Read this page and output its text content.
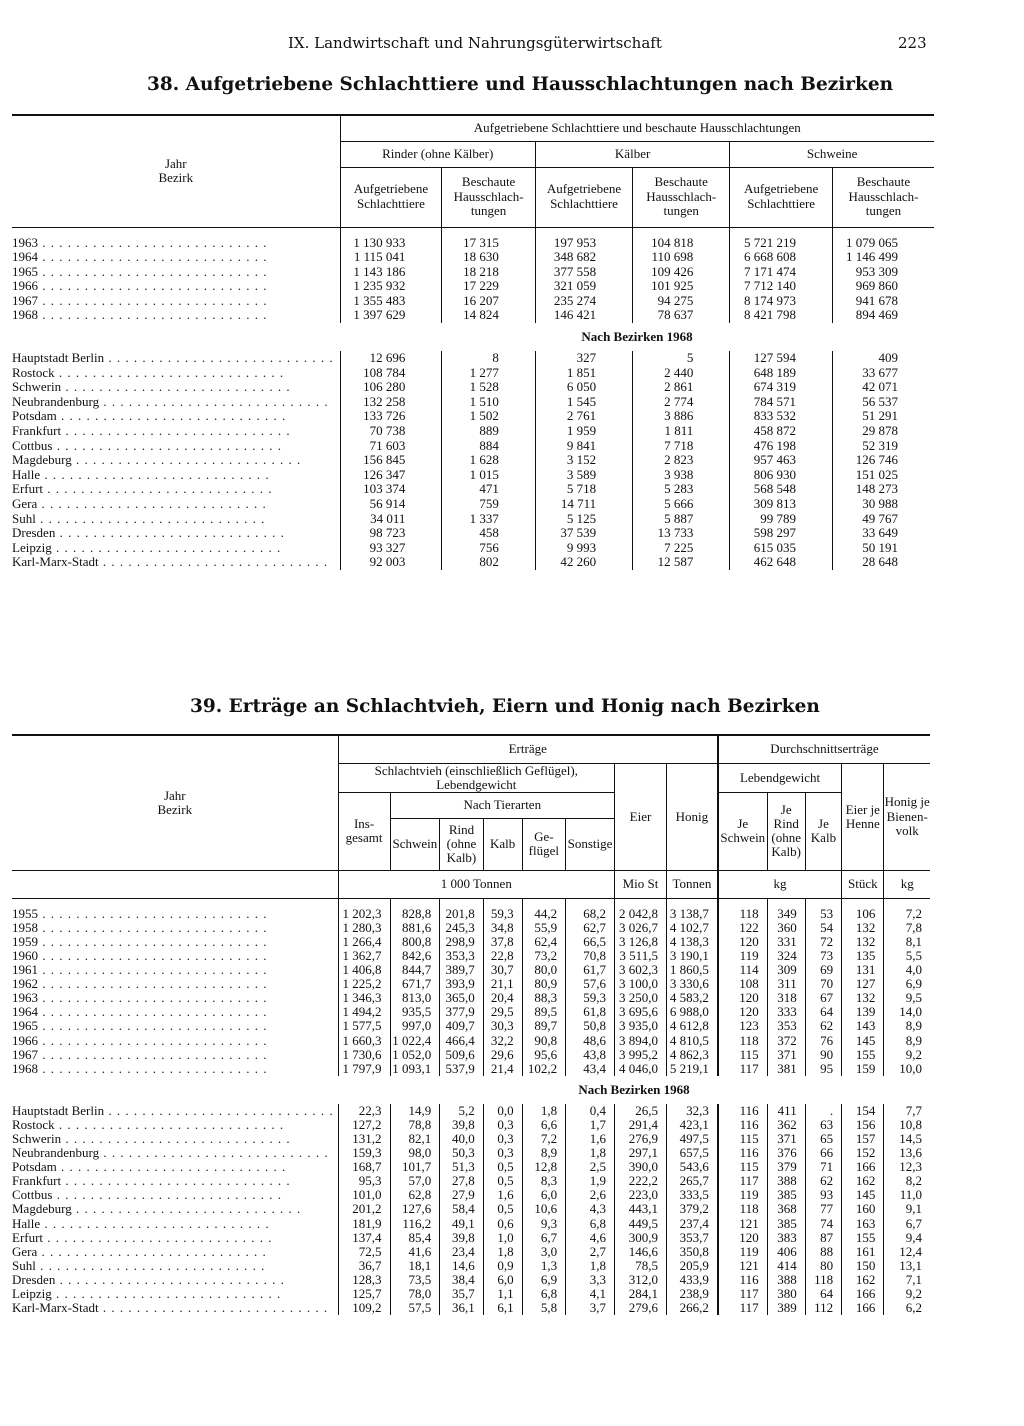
IX. Landwirtschaft und Nahrungsgüterwirtschaft	223
38. Aufgetriebene Schlachttiere und Hausschlachtungen nach Bezirken
Jahr
Bezirk	Aufgetriebene Schlachttiere und beschaute Hausschlachtungen					
	Rinder (ohne Kälber)		Kälber		Schweine	
	Aufgetriebene Schlachttiere	Beschaute Hausschlach-tungen	Aufgetriebene Schlachttiere	Beschaute Hausschlach-tungen	Aufgetriebene Schlachttiere	Beschaute Hausschlach-tungen

1963 . . .	1 130 933	17 315	197 953	104 818	5 721 219	1 079 065
1964 . . .	1 115 041	18 630	348 682	110 698	6 668 608	1 146 499
1965 . . .	1 143 186	18 218	377 558	109 426	7 171 474	953 309
1966 . . .	1 235 932	17 229	321 059	101 925	7 712 140	969 860
1967 . . .	1 355 483	16 207	235 274	94 275	8 174 973	941 678
1968 . . .	1 397 629	14 824	146 421	78 637	8 421 798	894 469
	Nach Bezirken 1968					
Hauptstadt Berlin . . .	12 696	8	327	5	127 594	409
Rostock . . .	108 784	1 277	1 851	2 440	648 189	33 677
Schwerin . . .	106 280	1 528	6 050	2 861	674 319	42 071
Neubrandenburg . . .	132 258	1 510	1 545	2 774	784 571	56 537
Potsdam . . .	133 726	1 502	2 761	3 886	833 532	51 291
Frankfurt . . .	70 738	889	1 959	1 811	458 872	29 878
Cottbus . . .	71 603	884	9 841	7 718	476 198	52 319
Magdeburg . . .	156 845	1 628	3 152	2 823	957 463	126 746
Halle . . .	126 347	1 015	3 589	3 938	806 930	151 025
Erfurt . . .	103 374	471	5 718	5 283	568 548	148 273
Gera . . .	56 914	759	14 711	5 666	309 813	30 988
Suhl . . .	34 011	1 337	5 125	5 887	99 789	49 767
Dresden . . .	98 723	458	37 539	13 733	598 297	33 649
Leipzig . . .	93 327	756	9 993	7 225	615 035	50 191
Karl-Marx-Stadt . . .	92 003	802	42 260	12 587	462 648	28 648
39. Erträge an Schlachtvieh, Eiern und Honig nach Bezirken
Jahr
Bezirk	Erträge								Durchschnittserträge				
	Schlachtvieh (einschließlich Geflügel), Lebendgewicht						Eier	Honig	Lebendgewicht			Eier je Henne	Honig je Bienen-volk
	Ins-gesamt	Nach Tierarten							Je Schwein	Je Rind (ohne Kalb)	Je Kalb		
		Schwein	Rind (ohne Kalb)	Kalb	Ge-flügel	Sonstige							
	1 000 Tonnen						Mio St	Tonnen	kg			Stück	kg

1955 . . .	1 202,3	828,8	201,8	59,3	44,2	68,2	2 042,8	3 138,7	118	349	53	106	7,2
1958 . . .	1 280,3	881,6	245,3	34,8	55,9	62,7	3 026,7	4 102,7	122	360	54	132	7,8
1959 . . .	1 266,4	800,8	298,9	37,8	62,4	66,5	3 126,8	4 138,3	120	331	72	132	8,1
1960 . . .	1 362,7	842,6	353,3	22,8	73,2	70,8	3 511,5	3 190,1	119	324	73	135	5,5
1961 . . .	1 406,8	844,7	389,7	30,7	80,0	61,7	3 602,3	1 860,5	114	309	69	131	4,0
1962 . . .	1 225,2	671,7	393,9	21,1	80,9	57,6	3 100,0	3 330,6	108	311	70	127	6,9
1963 . . .	1 346,3	813,0	365,0	20,4	88,3	59,3	3 250,0	4 583,2	120	318	67	132	9,5
1964 . . .	1 494,2	935,5	377,9	29,5	89,5	61,8	3 695,6	6 988,0	120	333	64	139	14,0
1965 . . .	1 577,5	997,0	409,7	30,3	89,7	50,8	3 935,0	4 612,8	123	353	62	143	8,9
1966 . . .	1 660,3	1 022,4	466,4	32,2	90,8	48,6	3 894,0	4 810,5	118	372	76	145	8,9
1967 . . .	1 730,6	1 052,0	509,6	29,6	95,6	43,8	3 995,2	4 862,3	115	371	90	155	9,2
1968 . . .	1 797,9	1 093,1	537,9	21,4	102,2	43,4	4 046,0	5 219,1	117	381	95	159	10,0
	Nach Bezirken 1968												
Hauptstadt Berlin . . .	22,3	14,9	5,2	0,0	1,8	0,4	26,5	32,3	116	411	.	154	7,7
Rostock . . .	127,2	78,8	39,8	0,3	6,6	1,7	291,4	423,1	116	362	63	156	10,8
Schwerin . . .	131,2	82,1	40,0	0,3	7,2	1,6	276,9	497,5	115	371	65	157	14,5
Neubrandenburg . . .	159,3	98,0	50,3	0,3	8,9	1,8	297,1	657,5	116	376	66	152	13,6
Potsdam . . .	168,7	101,7	51,3	0,5	12,8	2,5	390,0	543,6	115	379	71	166	12,3
Frankfurt . . .	95,3	57,0	27,8	0,5	8,3	1,9	222,2	265,7	117	388	62	162	8,2
Cottbus . . .	101,0	62,8	27,9	1,6	6,0	2,6	223,0	333,5	119	385	93	145	11,0
Magdeburg . . .	201,2	127,6	58,4	0,5	10,6	4,3	443,1	379,2	118	368	77	160	9,1
Halle . . .	181,9	116,2	49,1	0,6	9,3	6,8	449,5	237,4	121	385	74	163	6,7
Erfurt . . .	137,4	85,4	39,8	1,0	6,7	4,6	300,9	353,7	120	383	87	155	9,4
Gera . . .	72,5	41,6	23,4	1,8	3,0	2,7	146,6	350,8	119	406	88	161	12,4
Suhl . . .	36,7	18,1	14,6	0,9	1,3	1,8	78,5	205,9	121	414	80	150	13,1
Dresden . . .	128,3	73,5	38,4	6,0	6,9	3,3	312,0	433,9	116	388	118	162	7,1
Leipzig . . .	125,7	78,0	35,7	1,1	6,8	4,1	284,1	238,9	117	380	64	166	9,2
Karl-Marx-Stadt . . .	109,2	57,5	36,1	6,1	5,8	3,7	279,6	266,2	117	389	112	166	6,2
